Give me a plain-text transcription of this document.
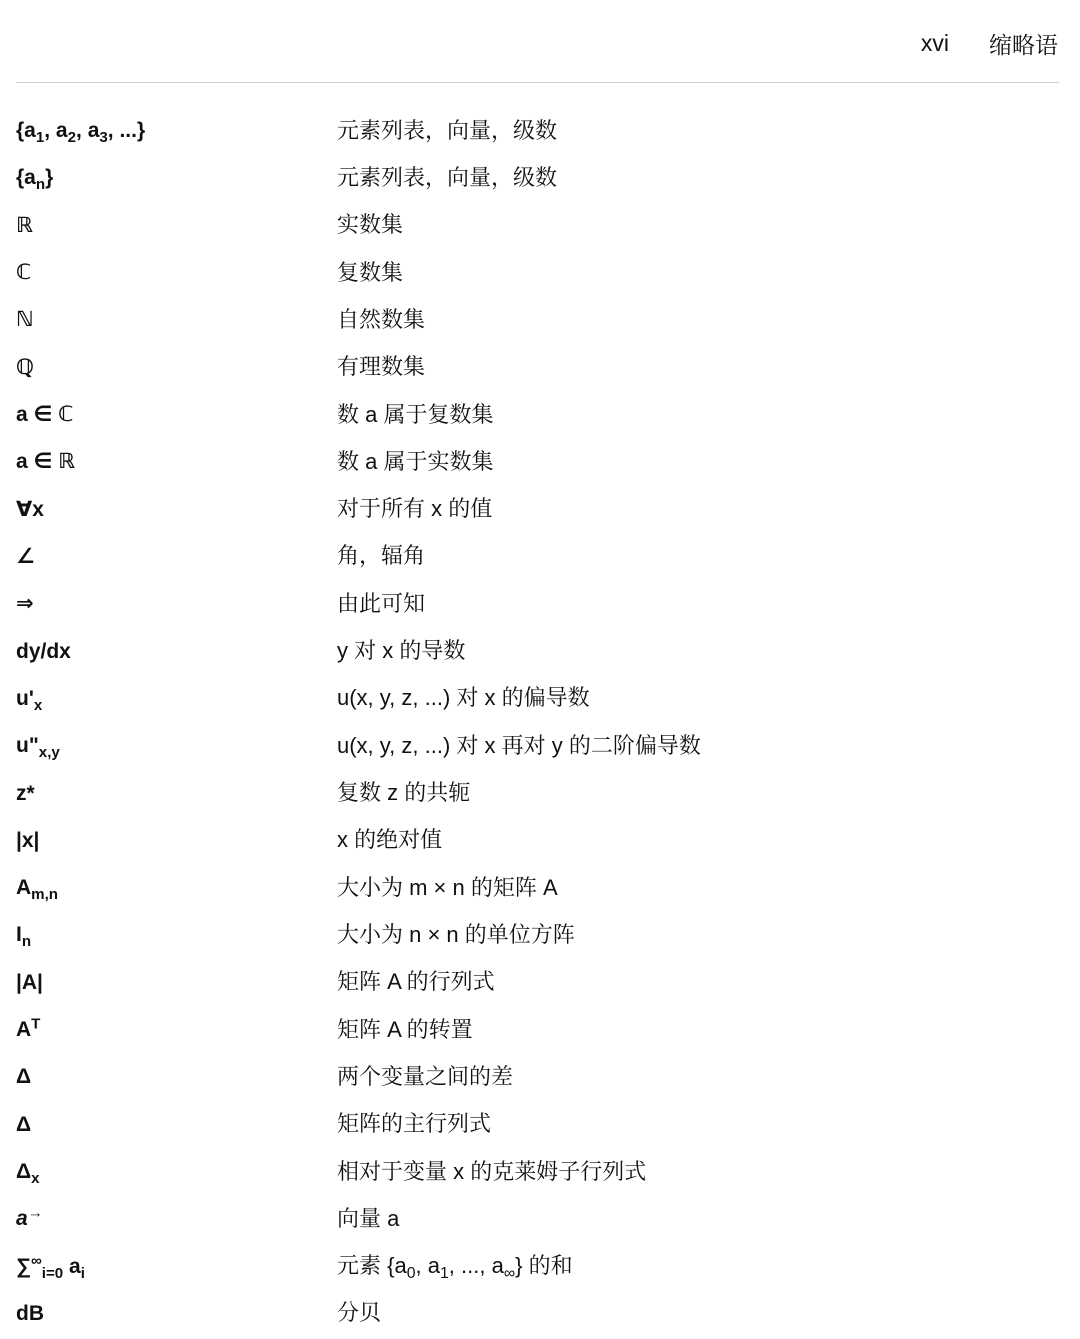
xvi 缩略语
{$a_1$, $a_2$, $a_3$, ...}	元素列表，向量，级数
$\{a_n\}$	元素列表，向量，级数
ℝ	实数集
ℂ	复数集
ℕ	自然数集
ℚ	有理数集
a ∈ ℂ	数 a 属于复数集
a ∈ ℝ	数 a 属于实数集
∀x	对于所有 x 的值
∠	角，辐角
⇒	由此可知
dy/dx	y 对 x 的导数
$u'_x$	u(x, y, z, ...) 对 x 的偏导数
$u"_{x,y}$	u(x, y, z, ...) 对 x 再对 y 的二阶偏导数
z*	复数 z 的共轭
|x|	x 的绝对值
$A_{m,n}$	大小为 m × n 的矩阵 A
$I_n$	大小为 n × n 的单位方阵
|A|	矩阵 A 的行列式
$A^T$	矩阵 A 的转置
Δ	两个变量之间的差
Δ	矩阵的主行列式
$\Delta_x$	相对于变量 x 的克莱姆子行列式
a→	向量 a
$\sum^\infty_{i=0}$ $a_i$	元素 {$a_0$, $a_1$, ..., $a_\infty$} 的和
dB	分贝
